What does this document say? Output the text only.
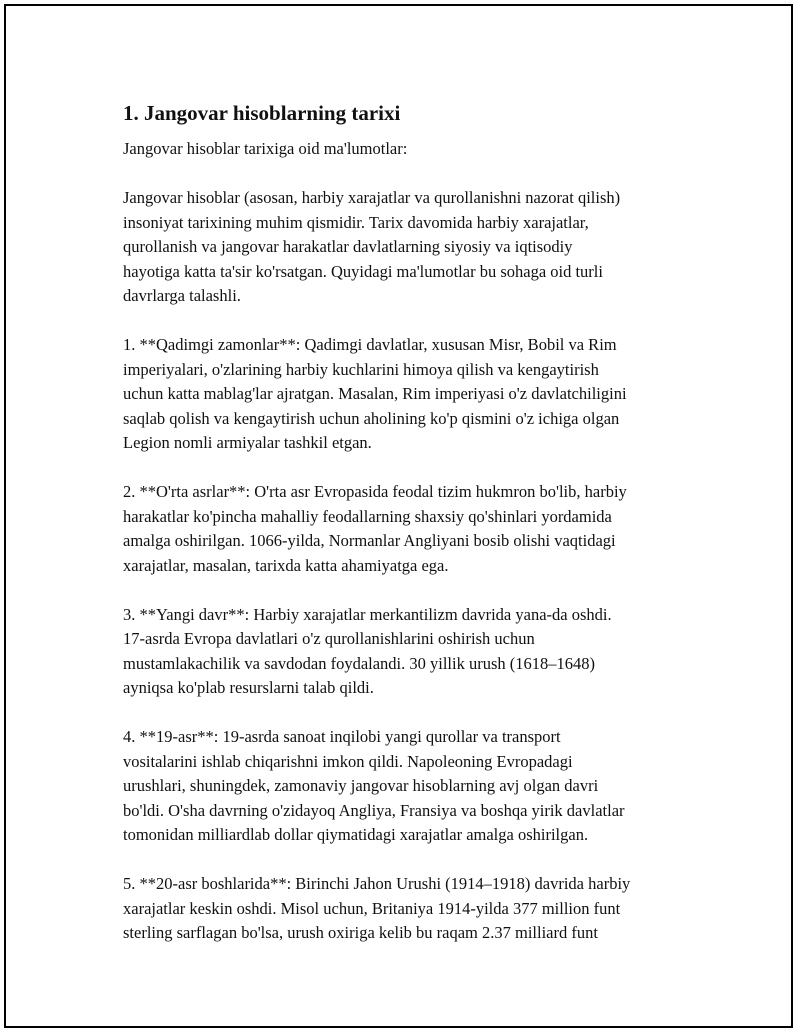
1. Jangovar hisoblarning tarixi

Jangovar hisoblar tarixiga oid ma'lumotlar:

Jangovar hisoblar (asosan, harbiy xarajatlar va qurollanishni nazorat qilish)
insoniyat tarixining muhim qismidir. Tarix davomida harbiy xarajatlar,
qurollanish va jangovar harakatlar davlatlarning siyosiy va iqtisodiy
hayotiga katta ta'sir ko'rsatgan. Quyidagi ma'lumotlar bu sohaga oid turli
davrlarga talashli.

1. **Qadimgi zamonlar**: Qadimgi davlatlar, xususan Misr, Bobil va Rim
imperiyalari, o'zlarining harbiy kuchlarini himoya qilish va kengaytirish
uchun katta mablag'lar ajratgan. Masalan, Rim imperiyasi o'z davlatchiligini
saqlab qolish va kengaytirish uchun aholining ko'p qismini o'z ichiga olgan
Legion nomli armiyalar tashkil etgan.

2. **O'rta asrlar**: O'rta asr Evropasida feodal tizim hukmron bo'lib, harbiy
harakatlar ko'pincha mahalliy feodallarning shaxsiy qo'shinlari yordamida
amalga oshirilgan. 1066-yilda, Normanlar Angliyani bosib olishi vaqtidagi
xarajatlar, masalan, tarixda katta ahamiyatga ega.

3. **Yangi davr**: Harbiy xarajatlar merkantilizm davrida yana-da oshdi.
17-asrda Evropa davlatlari o'z qurollanishlarini oshirish uchun
mustamlakachilik va savdodan foydalandi. 30 yillik urush (1618–1648)
ayniqsa ko'plab resurslarni talab qildi.

4. **19-asr**: 19-asrda sanoat inqilobi yangi qurollar va transport
vositalarini ishlab chiqarishni imkon qildi. Napoleoning Evropadagi
urushlari, shuningdek, zamonaviy jangovar hisoblarning avj olgan davri
bo'ldi. O'sha davrning o'zidayoq Angliya, Fransiya va boshqa yirik davlatlar
tomonidan milliardlab dollar qiymatidagi xarajatlar amalga oshirilgan.

5. **20-asr boshlarida**: Birinchi Jahon Urushi (1914–1918) davrida harbiy
xarajatlar keskin oshdi. Misol uchun, Britaniya 1914-yilda 377 million funt
sterling sarflagan bo'lsa, urush oxiriga kelib bu raqam 2.37 milliard funt
